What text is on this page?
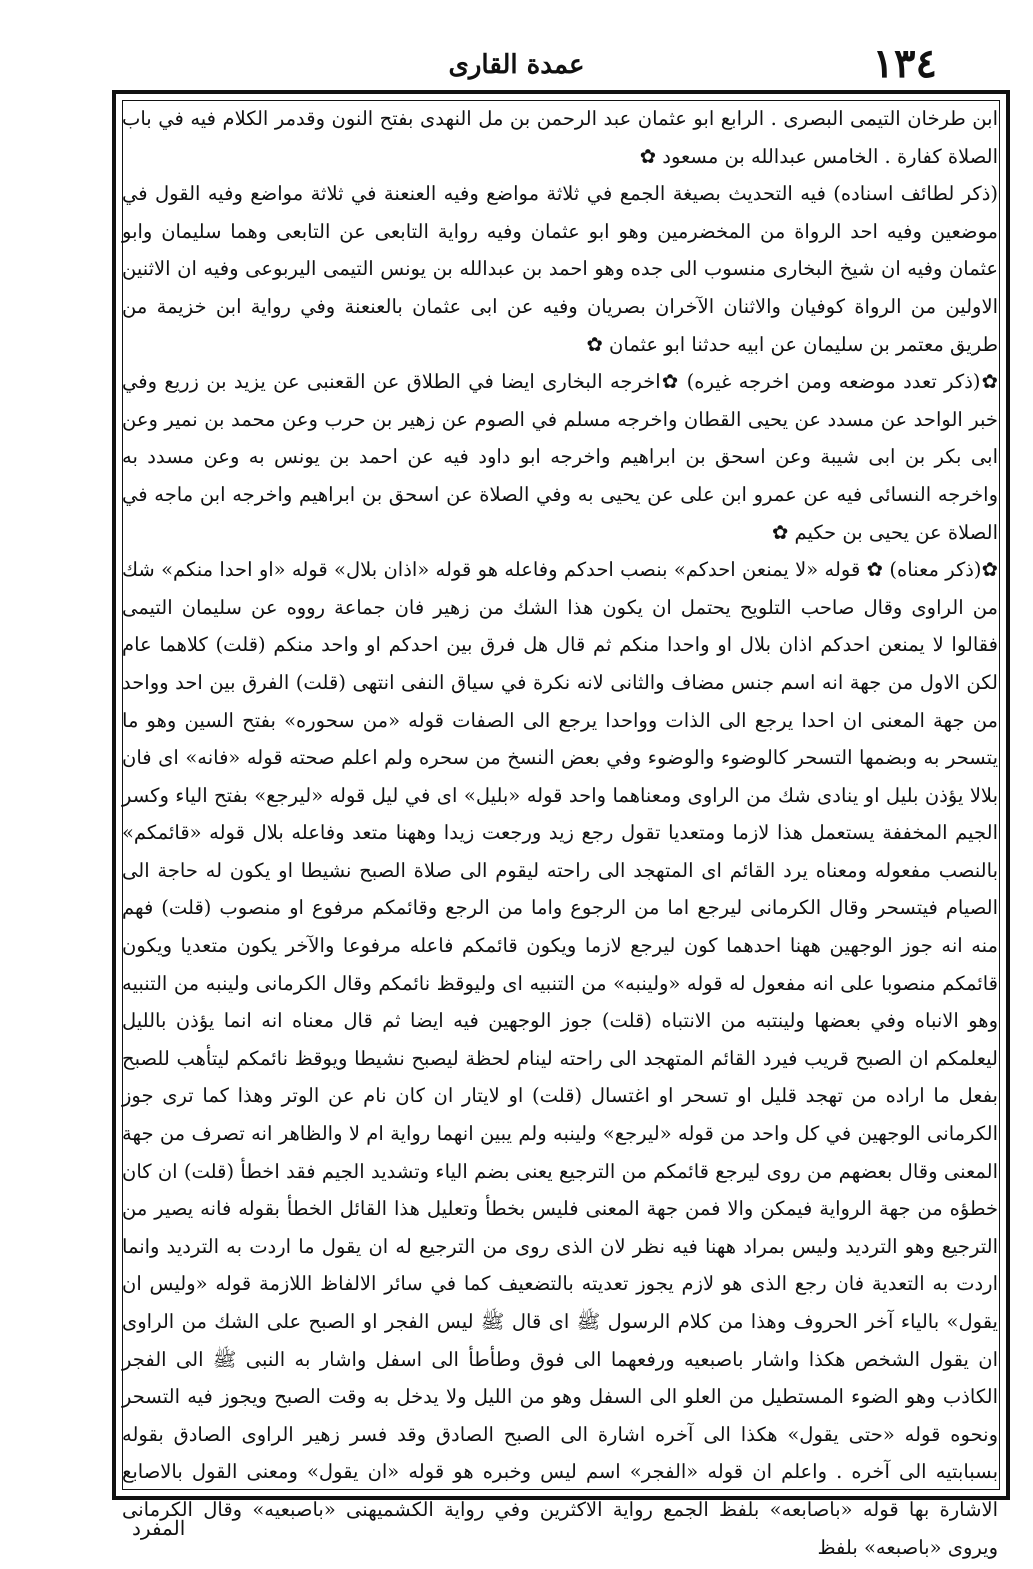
عمدة القارى	١٣٤

ابن طرخان التيمى البصرى . الرابع ابو عثمان عبد الرحمن بن مل النهدى بفتح النون وقدمر الكلام فيه في باب الصلاة كفارة . الخامس عبدالله بن مسعود ✿

(ذكر لطائف اسناده) فيه التحديث بصيغة الجمع في ثلاثة مواضع وفيه العنعنة في ثلاثة مواضع وفيه القول في موضعين وفيه احد الرواة من المخضرمين وهو ابو عثمان وفيه رواية التابعى عن التابعى وهما سليمان وابو عثمان وفيه ان شيخ البخارى منسوب الى جده وهو احمد بن عبدالله بن يونس التيمى اليربوعى وفيه ان الاثنين الاولين من الرواة كوفيان والاثنان الآخران بصريان وفيه عن ابى عثمان بالعنعنة وفي رواية ابن خزيمة من طريق معتمر بن سليمان عن ابيه حدثنا ابو عثمان ✿

✿(ذكر تعدد موضعه ومن اخرجه غيره) ✿اخرجه البخارى ايضا في الطلاق عن القعنبى عن يزيد بن زريع وفي خبر الواحد عن مسدد عن يحيى القطان واخرجه مسلم في الصوم عن زهير بن حرب وعن محمد بن نمير وعن ابى بكر بن ابى شيبة وعن اسحق بن ابراهيم واخرجه ابو داود فيه عن احمد بن يونس به وعن مسدد به واخرجه النسائى فيه عن عمرو ابن على عن يحيى به وفي الصلاة عن اسحق بن ابراهيم واخرجه ابن ماجه في الصلاة عن يحيى بن حكيم ✿

✿(ذكر معناه) ✿ قوله «لا يمنعن احدكم» بنصب احدكم وفاعله هو قوله «اذان بلال» قوله «او احدا منكم» شك من الراوى وقال صاحب التلويح يحتمل ان يكون هذا الشك من زهير فان جماعة رووه عن سليمان التيمى فقالوا لا يمنعن احدكم اذان بلال او واحدا منكم ثم قال هل فرق بين احدكم او واحد منكم (قلت) كلاهما عام لكن الاول من جهة انه اسم جنس مضاف والثانى لانه نكرة في سياق النفى انتهى (قلت) الفرق بين احد وواحد من جهة المعنى ان احدا يرجع الى الذات وواحدا يرجع الى الصفات قوله «من سحوره» بفتح السين وهو ما يتسحر به وبضمها التسحر كالوضوء والوضوء وفي بعض النسخ من سحره ولم اعلم صحته قوله «فانه» اى فان بلالا يؤذن بليل او ينادى شك من الراوى ومعناهما واحد قوله «بليل» اى في ليل قوله «ليرجع» بفتح الياء وكسر الجيم المخففة يستعمل هذا لازما ومتعديا تقول رجع زيد ورجعت زيدا وههنا متعد وفاعله بلال قوله «قائمكم» بالنصب مفعوله ومعناه يرد القائم اى المتهجد الى راحته ليقوم الى صلاة الصبح نشيطا او يكون له حاجة الى الصيام فيتسحر وقال الكرمانى ليرجع اما من الرجوع واما من الرجع وقائمكم مرفوع او منصوب (قلت) فهم منه انه جوز الوجهين ههنا احدهما كون ليرجع لازما ويكون قائمكم فاعله مرفوعا والآخر يكون متعديا ويكون قائمكم منصوبا على انه مفعول له قوله «ولينبه» من التنبيه اى وليوقظ نائمكم وقال الكرمانى ولينبه من التنبيه وهو الانباه وفي بعضها ولينتبه من الانتباه (قلت) جوز الوجهين فيه ايضا ثم قال معناه انه انما يؤذن بالليل ليعلمكم ان الصبح قريب فيرد القائم المتهجد الى راحته لينام لحظة ليصبح نشيطا ويوقظ نائمكم ليتأهب للصبح بفعل ما اراده من تهجد قليل او تسحر او اغتسال (قلت) او لايتار ان كان نام عن الوتر وهذا كما ترى جوز الكرمانى الوجهين في كل واحد من قوله «ليرجع» ولينبه ولم يبين انهما رواية ام لا والظاهر انه تصرف من جهة المعنى وقال بعضهم من روى ليرجع قائمكم من الترجيع يعنى بضم الياء وتشديد الجيم فقد اخطأ (قلت) ان كان خطؤه من جهة الرواية فيمكن والا فمن جهة المعنى فليس بخطأ وتعليل هذا القائل الخطأ بقوله فانه يصير من الترجيع وهو الترديد وليس بمراد ههنا فيه نظر لان الذى روى من الترجيع له ان يقول ما اردت به الترديد وانما اردت به التعدية فان رجع الذى هو لازم يجوز تعديته بالتضعيف كما في سائر الالفاظ اللازمة قوله «وليس ان يقول» بالياء آخر الحروف وهذا من كلام الرسول ﷺ اى قال ﷺ ليس الفجر او الصبح على الشك من الراوى ان يقول الشخص هكذا واشار باصبعيه ورفعهما الى فوق وطأطأ الى اسفل واشار به النبى ﷺ الى الفجر الكاذب وهو الضوء المستطيل من العلو الى السفل وهو من الليل ولا يدخل به وقت الصبح ويجوز فيه التسحر ونحوه قوله «حتى يقول» هكذا الى آخره اشارة الى الصبح الصادق وقد فسر زهير الراوى الصادق بقوله بسبابتيه الى آخره . واعلم ان قوله «الفجر» اسم ليس وخبره هو قوله «ان يقول» ومعنى القول بالاصابع الاشارة بها قوله «باصابعه» بلفظ الجمع رواية الاكثرين وفي رواية الكشميهنى «باصبعيه» وقال الكرمانى ويروى «باصبعه» بلفظ

المفرد
